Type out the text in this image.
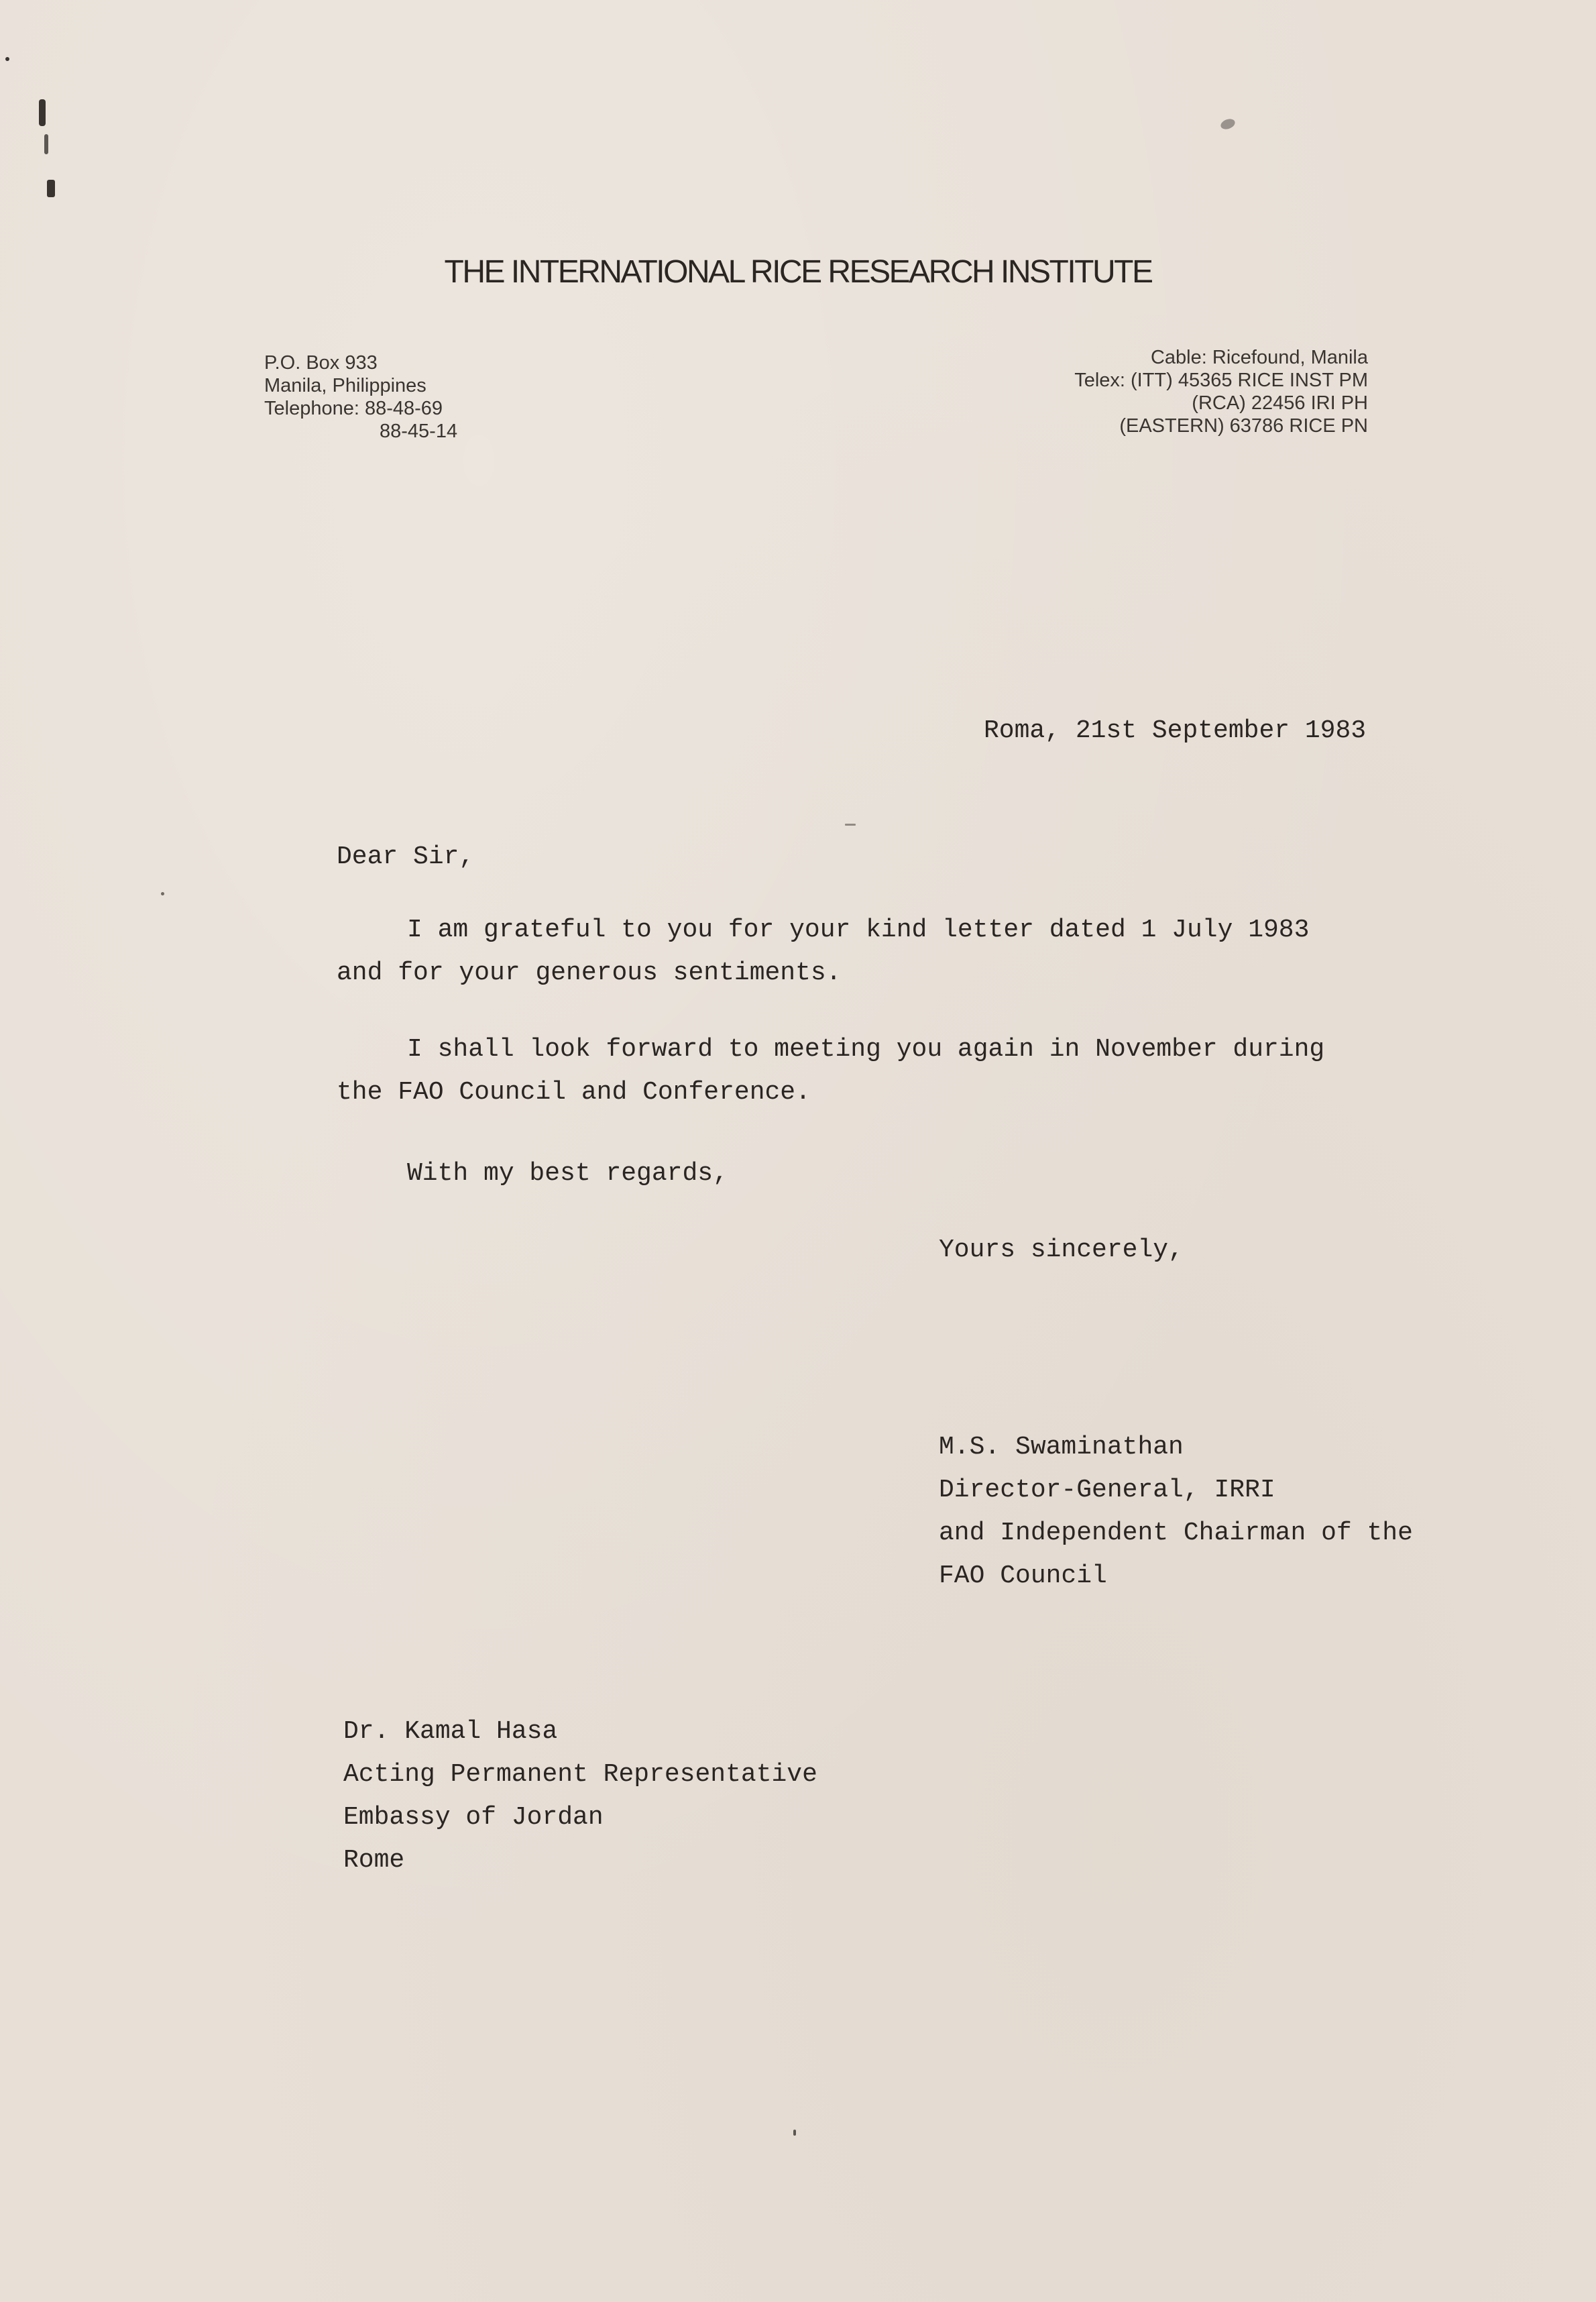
THE INTERNATIONAL RICE RESEARCH INSTITUTE
P.O. Box 933
Manila, Philippines
Telephone: 88-48-69
88-45-14
Cable: Ricefound, Manila
Telex: (ITT) 45365 RICE INST PM
(RCA) 22456 IRI PH
(EASTERN) 63786 RICE PN
Roma, 21st September 1983
Dear Sir,
I am grateful to you for your kind letter dated 1 July 1983
and for your generous sentiments.
I shall look forward to meeting you again in November during
the FAO Council and Conference.
With my best regards,
Yours sincerely,
M.S. Swaminathan
Director-General, IRRI
and Independent Chairman of the
FAO Council
Dr. Kamal Hasa
Acting Permanent Representative
Embassy of Jordan
Rome
